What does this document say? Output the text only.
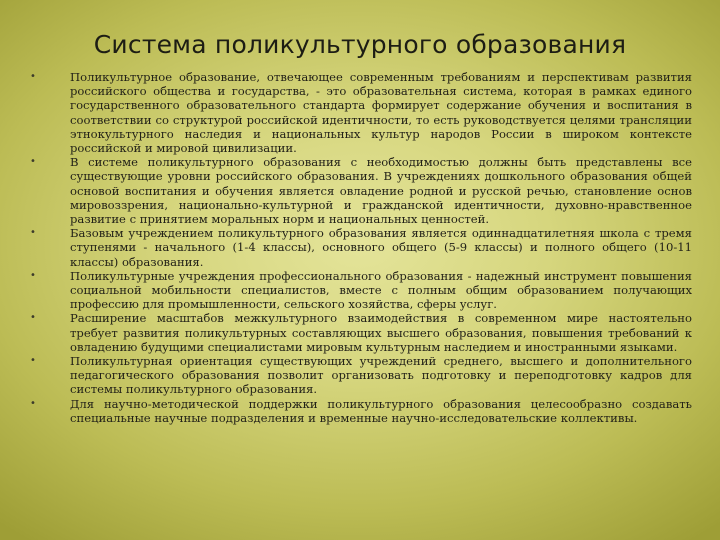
Система поликультурного образования
•	Поликультурное образование, отвечающее современным требованиям и перспективам развития российского общества и государства, - это образовательная система, которая в рамках единого государственного образовательного стандарта формирует содержание обучения и воспитания в соответствии со структурой российской идентичности, то есть руководствуется целями трансляции этнокультурного наследия и национальных культур народов России в широком контексте российской и мировой цивилизации.
•	В системе поликультурного образования с необходимостью должны быть представлены все существующие уровни российского образования. В учреждениях дошкольного образования общей основой воспитания и обучения является овладение родной и русской речью, становление основ мировоззрения, национально-культурной и гражданской идентичности, духовно-нравственное развитие с принятием моральных норм и национальных ценностей.
•	Базовым учреждением поликультурного образования является одиннадцатилетняя школа с тремя ступенями - начального (1-4 классы), основного общего (5-9 классы) и полного общего (10-11 классы) образования.
•	Поликультурные учреждения профессионального образования - надежный инструмент повышения социальной мобильности специалистов, вместе с полным общим образованием получающих профессию для промышленности, сельского хозяйства, сферы услуг.
•	Расширение масштабов межкультурного взаимодействия в современном мире настоятельно требует развития поликультурных составляющих высшего образования, повышения требований к овладению будущими специалистами мировым культурным наследием и иностранными языками.
•	Поликультурная ориентация существующих учреждений среднего, высшего и дополнительного педагогического образования позволит организовать подготовку и переподготовку кадров для системы поликультурного образования.
•	Для научно-методической поддержки поликультурного образования целесообразно создавать специальные научные подразделения и временные научно-исследовательские коллективы.
